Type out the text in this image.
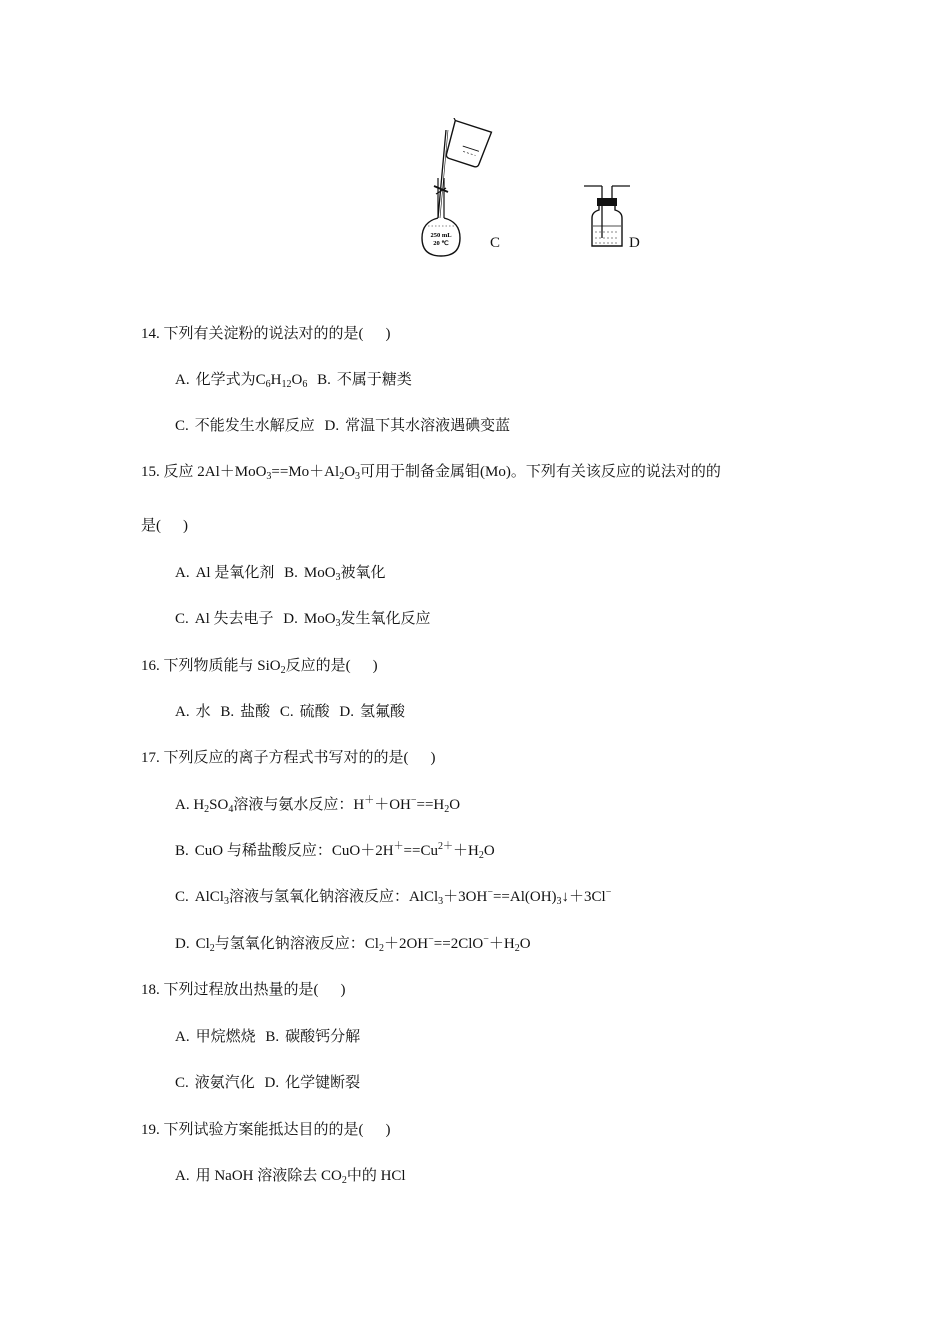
250 mL
20 ℃	C	D
14. 下列有关淀粉的说法对的的是( )
A. 化学式为$C_6H_{12}O_6$ B. 不属于糖类
C. 不能发生水解反应 D. 常温下其水溶液遇碘变蓝
15. 反应 $2Al+MoO_3==Mo+Al_2O_3$可用于制备金属钼(Mo)。下列有关该反应的说法对的的
是( )
A. Al 是氧化剂 B. MoO$_3$被氧化
C. Al 失去电子 D. MoO$_3$发生氧化反应
16. 下列物质能与 SiO$_2$反应的是( )
A. 水 B. 盐酸 C. 硫酸 D. 氢氟酸
17. 下列反应的离子方程式书写对的的是( )
A. $H_2SO_4$溶液与氨水反应：$H^++OH^-==H_2O$
B. CuO 与稀盐酸反应：$CuO+2H^+==Cu^{2+}+H_2O$
C. AlCl$_3$溶液与氢氧化钠溶液反应：$AlCl_3+3OH^-==Al(OH)_3↓+3Cl^-$
D. $Cl_2$与氢氧化钠溶液反应：$Cl_2+2OH^-==2ClO^-+H_2O$
18. 下列过程放出热量的是( )
A. 甲烷燃烧 B. 碳酸钙分解
C. 液氨汽化 D. 化学键断裂
19. 下列试验方案能抵达目的的是( )
A. 用 NaOH 溶液除去 $CO_2$中的 HCl
